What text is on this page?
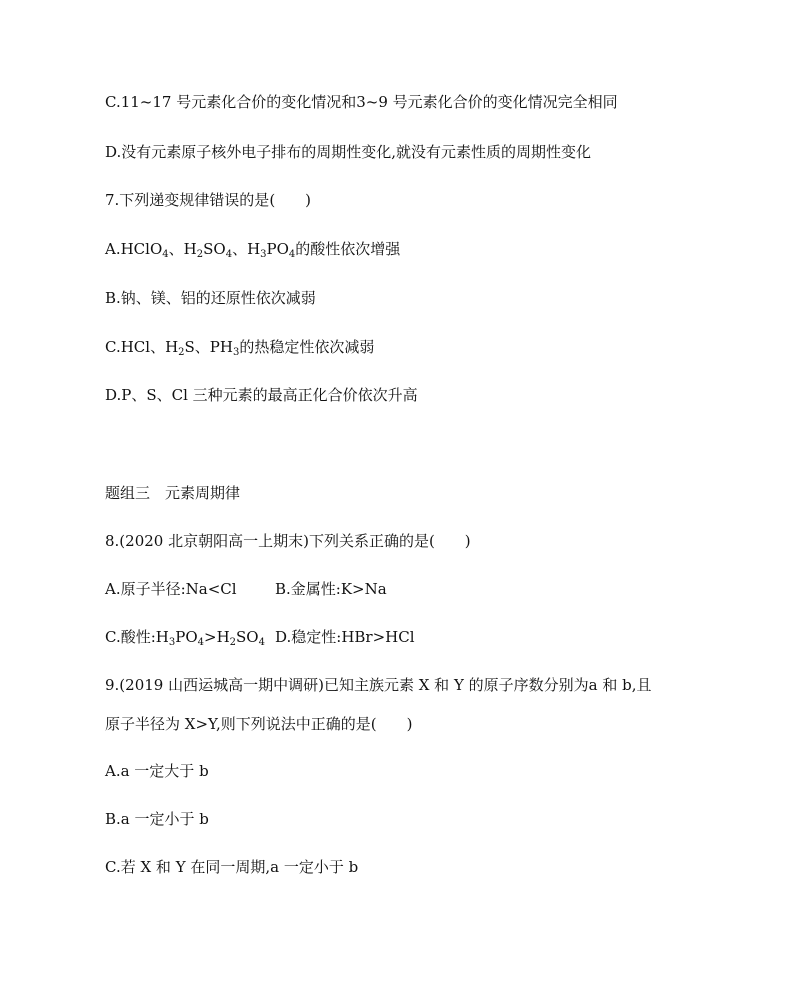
C.11~17 号元素化合价的变化情况和3~9 号元素化合价的变化情况完全相同
D.没有元素原子核外电子排布的周期性变化,就没有元素性质的周期性变化
7.下列递变规律错误的是(　　)
A.HClO$_4$、$H_2SO_4$、$H_3PO_4$的酸性依次增强
B.钠、镁、铝的还原性依次减弱
C.HCl、$H_2S$、$PH_3$的热稳定性依次减弱
D.P、S、Cl 三种元素的最高正化合价依次升高
题组三　元素周期律
8.(2020 北京朝阳高一上期末)下列关系正确的是(　　)
A.原子半径:Na<Cl	B.金属性:K>Na
C.酸性$:H_3PO_4>H_2SO_4$ D.稳定性:HBr>HCl
9.(2019 山西运城高一期中调研)已知主族元素 X 和 Y 的原子序数分别为a 和 b,且
原子半径为 X>Y,则下列说法中正确的是(　　)
A.a 一定大于 b
B.a 一定小于 b
C.若 X 和 Y 在同一周期,a 一定小于 b
